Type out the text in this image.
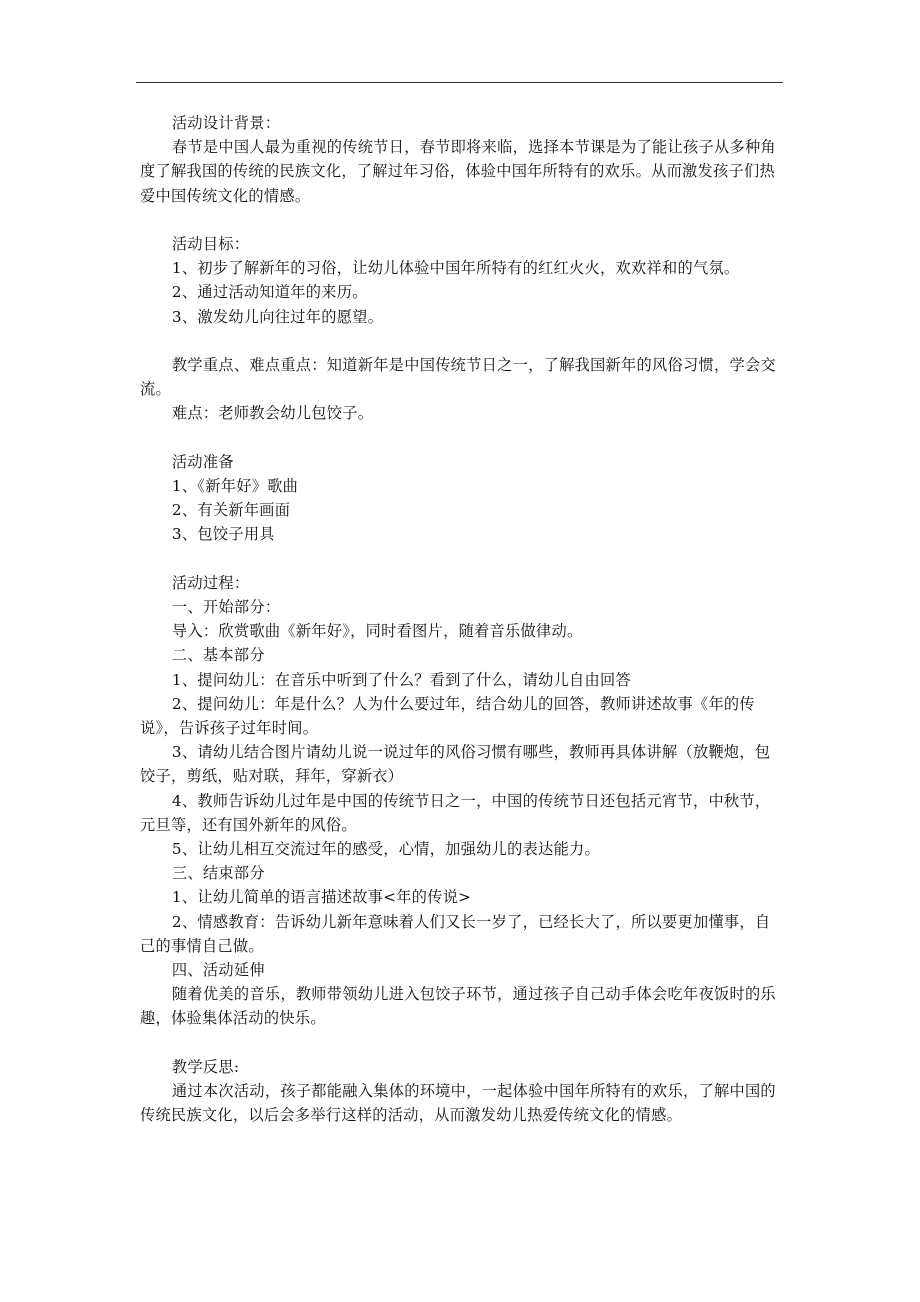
活动设计背景：

春节是中国人最为重视的传统节日，春节即将来临，选择本节课是为了能让孩子从多种角度了解我国的传统的民族文化，了解过年习俗，体验中国年所特有的欢乐。从而激发孩子们热爱中国传统文化的情感。

活动目标：

1、初步了解新年的习俗，让幼儿体验中国年所特有的红红火火，欢欢祥和的气氛。

2、通过活动知道年的来历。

3、激发幼儿向往过年的愿望。

教学重点、难点重点：知道新年是中国传统节日之一，了解我国新年的风俗习惯，学会交流。

难点：老师教会幼儿包饺子。

活动准备

1、《新年好》歌曲

2、有关新年画面

3、包饺子用具

活动过程：

一、开始部分：

导入：欣赏歌曲《新年好》，同时看图片，随着音乐做律动。

二、基本部分

1、提问幼儿：在音乐中听到了什么？看到了什么，请幼儿自由回答

2、提问幼儿：年是什么？人为什么要过年，结合幼儿的回答，教师讲述故事《年的传说》，告诉孩子过年时间。

3、请幼儿结合图片请幼儿说一说过年的风俗习惯有哪些，教师再具体讲解（放鞭炮，包饺子，剪纸，贴对联，拜年，穿新衣）

4、教师告诉幼儿过年是中国的传统节日之一，中国的传统节日还包括元宵节，中秋节，元旦等，还有国外新年的风俗。

5、让幼儿相互交流过年的感受，心情，加强幼儿的表达能力。

三、结束部分

1、让幼儿简单的语言描述故事<年的传说>

2、情感教育：告诉幼儿新年意味着人们又长一岁了，已经长大了，所以要更加懂事，自己的事情自己做。

四、活动延伸

随着优美的音乐，教师带领幼儿进入包饺子环节，通过孩子自己动手体会吃年夜饭时的乐趣，体验集体活动的快乐。

教学反思:

通过本次活动，孩子都能融入集体的环境中，一起体验中国年所特有的欢乐，了解中国的传统民族文化，以后会多举行这样的活动，从而激发幼儿热爱传统文化的情感。
